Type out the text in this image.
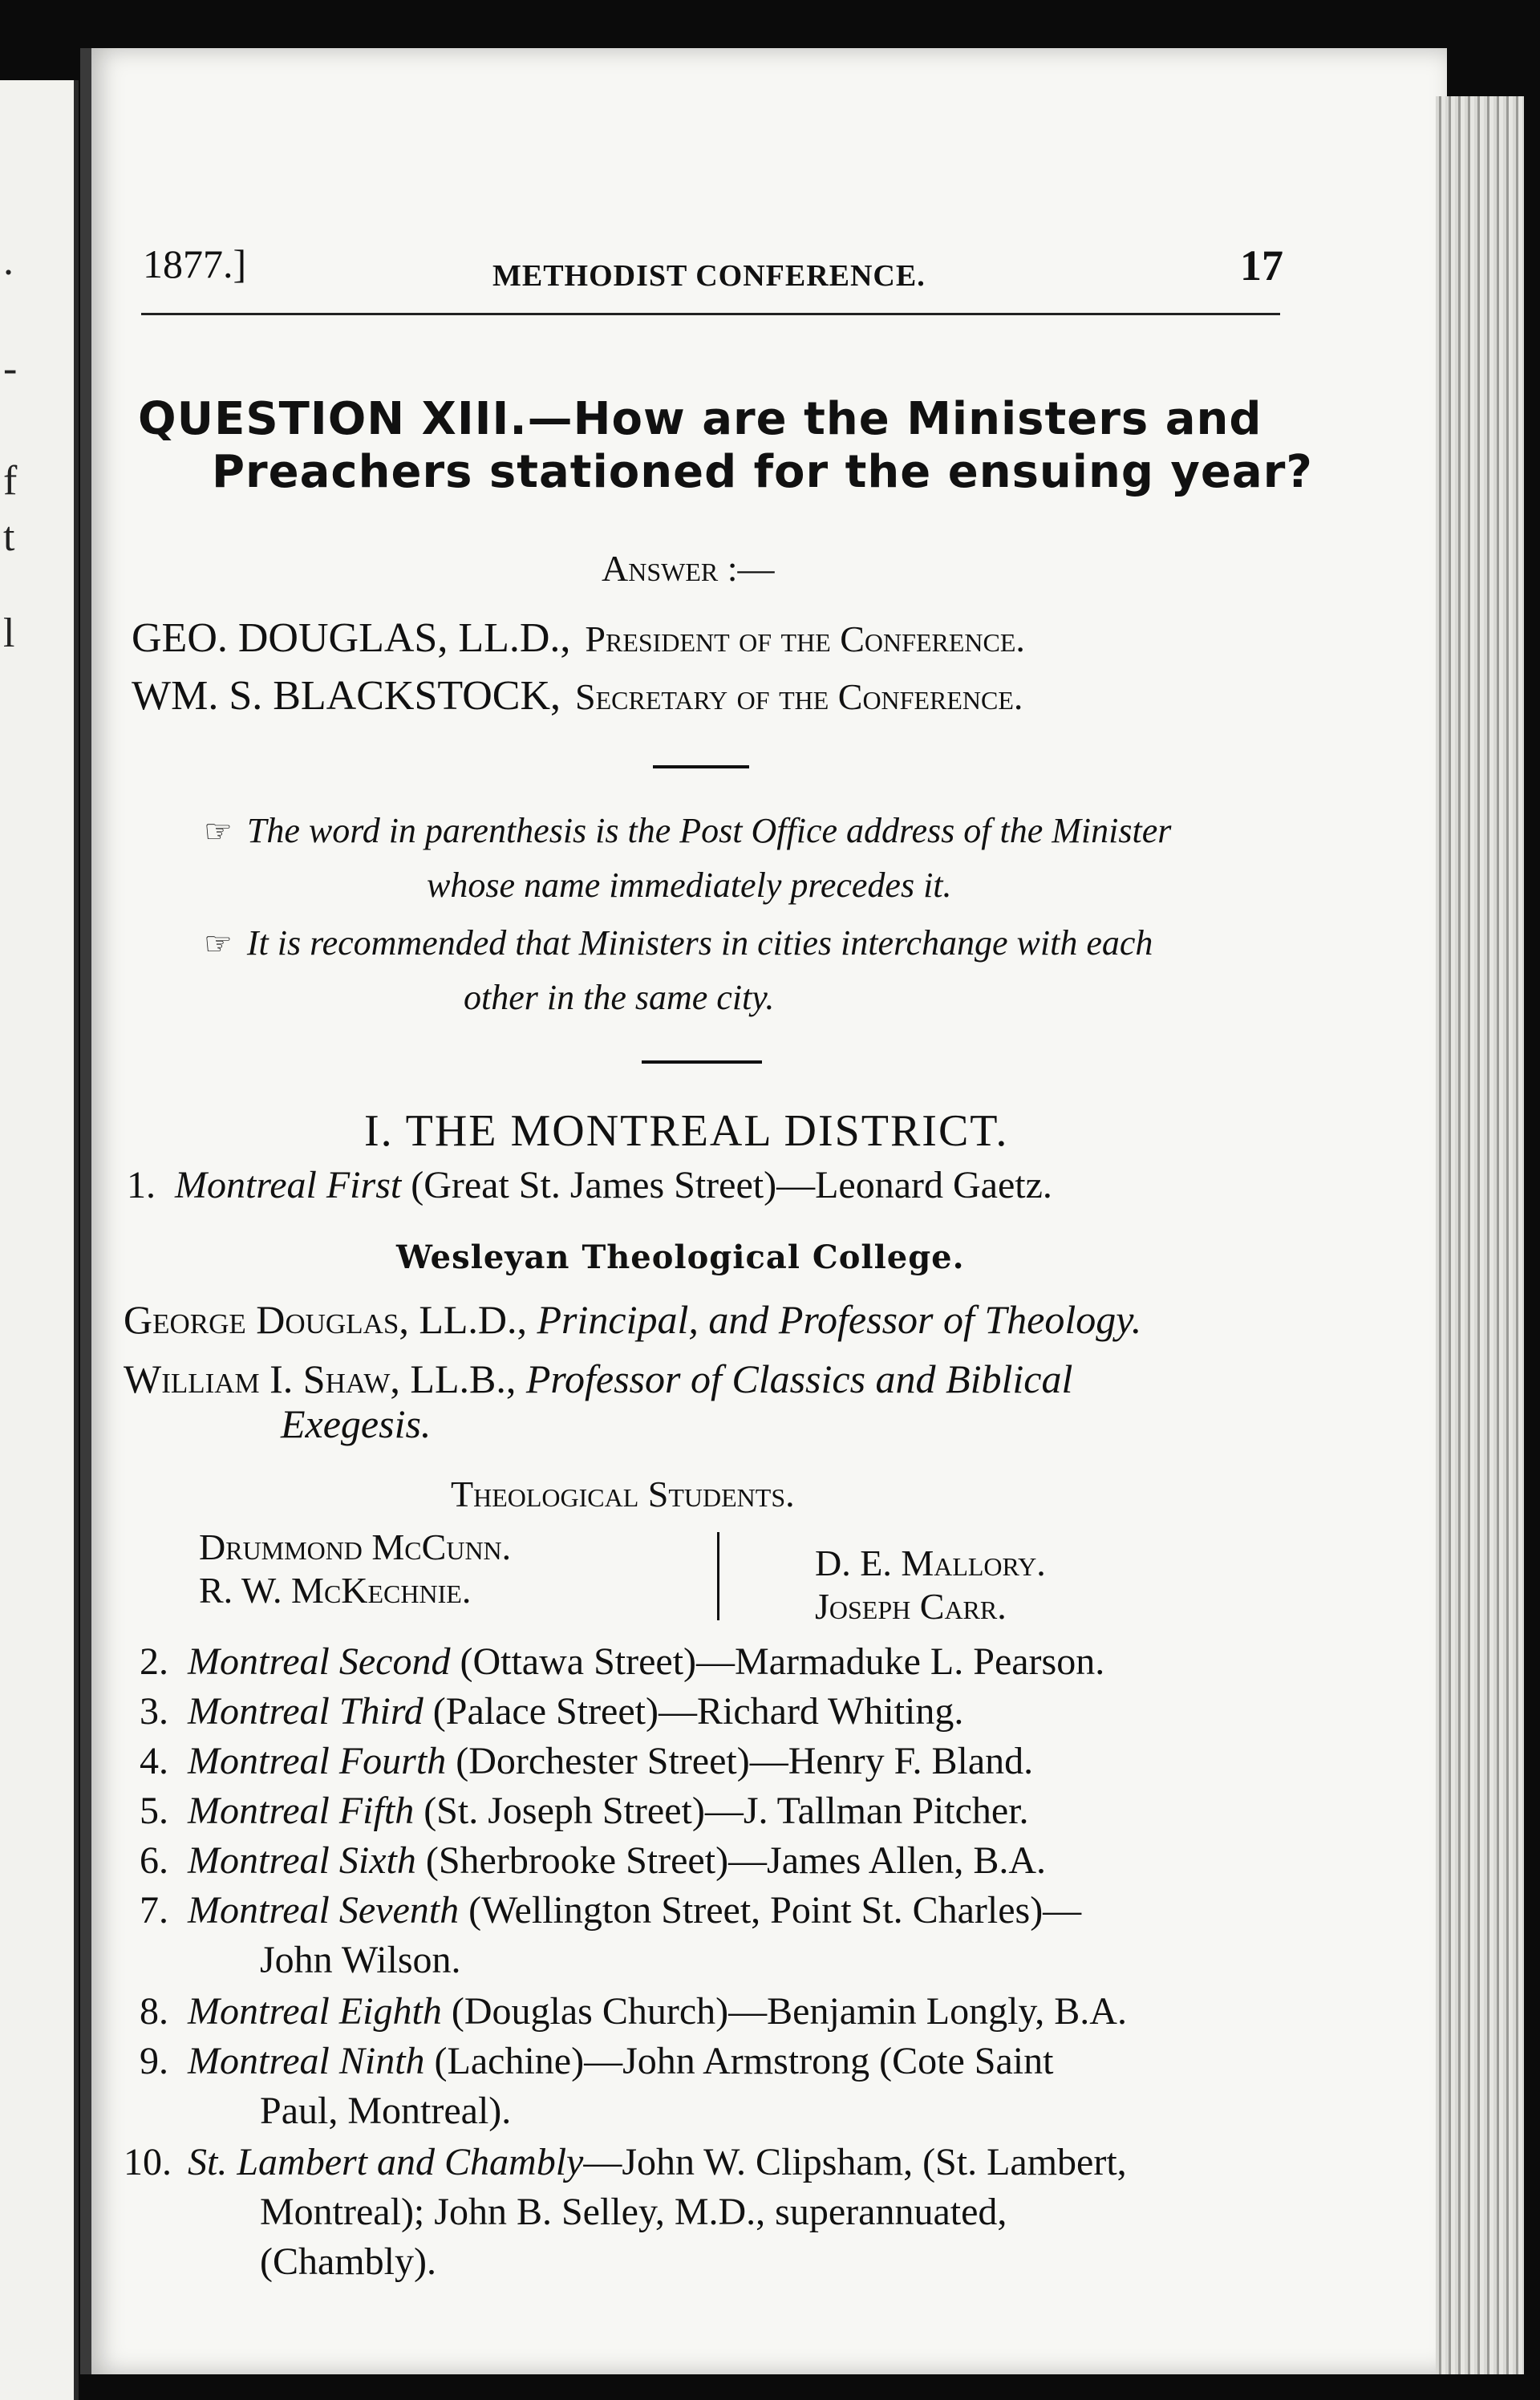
.
-
f
t
l
1877.]	METHODIST CONFERENCE.	17
QUESTION XIII.—How are the Ministers and
Preachers stationed for the ensuing year?
Answer :—
GEO. DOUGLAS, LL.D., President of the Conference.
WM. S. BLACKSTOCK, Secretary of the Conference.
☞ The word in parenthesis is the Post Office address of the Minister
whose name immediately precedes it.
☞ It is recommended that Ministers in cities interchange with each
other in the same city.
I. THE MONTREAL DISTRICT.
1. Montreal First (Great St. James Street)—Leonard Gaetz.
Wesleyan Theological College.
George Douglas, LL.D., Principal, and Professor of Theology.
William I. Shaw, LL.B., Professor of Classics and Biblical
Exegesis.
Theological Students.
Drummond McCunn.
R. W. McKechnie.
D. E. Mallory.
Joseph Carr.
2. Montreal Second (Ottawa Street)—Marmaduke L. Pearson.
3. Montreal Third (Palace Street)—Richard Whiting.
4. Montreal Fourth (Dorchester Street)—Henry F. Bland.
5. Montreal Fifth (St. Joseph Street)—J. Tallman Pitcher.
6. Montreal Sixth (Sherbrooke Street)—James Allen, B.A.
7. Montreal Seventh (Wellington Street, Point St. Charles)—
John Wilson.
8. Montreal Eighth (Douglas Church)—Benjamin Longly, B.A.
9. Montreal Ninth (Lachine)—John Armstrong (Cote Saint
Paul, Montreal).
10. St. Lambert and Chambly—John W. Clipsham, (St. Lambert,
Montreal); John B. Selley, M.D., superannuated,
(Chambly).
